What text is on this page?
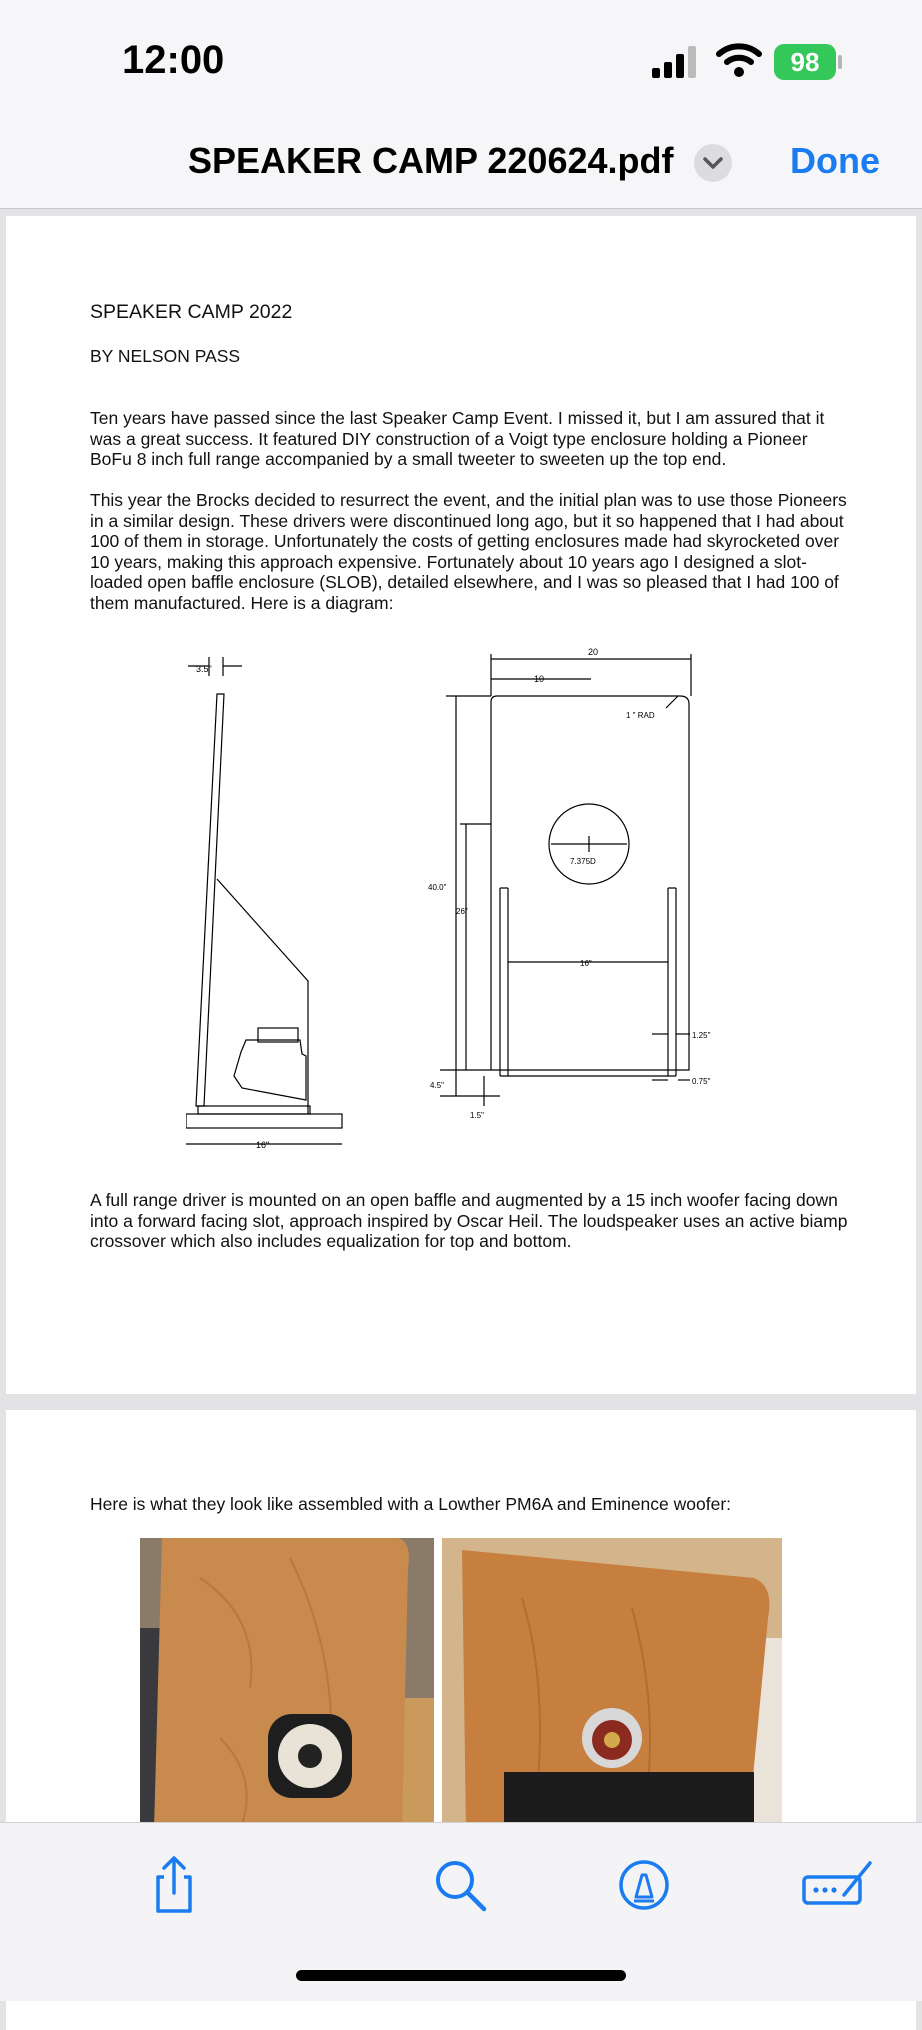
12:00	98
SPEAKER CAMP 220624.pdf	Done
SPEAKER CAMP 2022
BY NELSON PASS
Ten years have passed since the last Speaker Camp Event. I missed it, but I am assured that it was a great success. It featured DIY construction of a Voigt type enclosure holding a Pioneer BoFu 8 inch full range accompanied by a small tweeter to sweeten up the top end.
This year the Brocks decided to resurrect the event, and the initial plan was to use those Pioneers in a similar design. These drivers were discontinued long ago, but it so happened that I had about 100 of them in storage. Unfortunately the costs of getting enclosures made had skyrocketed over 10 years, making this approach expensive. Fortunately about 10 years ago I designed a slot-loaded open baffle enclosure (SLOB), detailed elsewhere, and I was so pleased that I had 100 of them manufactured. Here is a diagram:
3.5"
16"
20
10
1 " RAD
7.375D
40.0"
26"
16"
1.25"
0.75"
4.5"
1.5"
A full range driver is mounted on an open baffle and augmented by a 15 inch woofer facing down into a forward facing slot, approach inspired by Oscar Heil. The loudspeaker uses an active biamp crossover which also includes equalization for top and bottom.
Here is what they look like assembled with a Lowther PM6A and Eminence woofer:
